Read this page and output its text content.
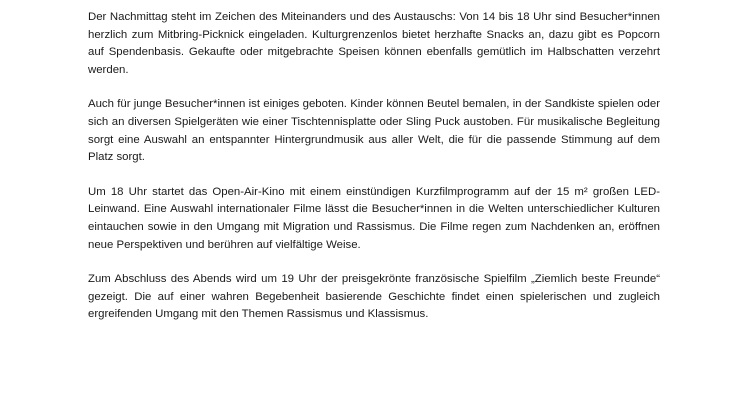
Der Nachmittag steht im Zeichen des Miteinanders und des Austauschs: Von 14 bis 18 Uhr sind Besucher*innen herzlich zum Mitbring-Picknick eingeladen. Kulturgrenzenlos bietet herzhafte Snacks an, dazu gibt es Popcorn auf Spendenbasis. Gekaufte oder mitgebrachte Speisen können ebenfalls gemütlich im Halbschatten verzehrt werden.

Auch für junge Besucher*innen ist einiges geboten. Kinder können Beutel bemalen, in der Sandkiste spielen oder sich an diversen Spielgeräten wie einer Tischtennisplatte oder Sling Puck austoben. Für musikalische Begleitung sorgt eine Auswahl an entspannter Hintergrundmusik aus aller Welt, die für die passende Stimmung auf dem Platz sorgt.

Um 18 Uhr startet das Open-Air-Kino mit einem einstündigen Kurzfilmprogramm auf der 15 m² großen LED-Leinwand. Eine Auswahl internationaler Filme lässt die Besucher*innen in die Welten unterschiedlicher Kulturen eintauchen sowie in den Umgang mit Migration und Rassismus. Die Filme regen zum Nachdenken an, eröffnen neue Perspektiven und berühren auf vielfältige Weise.

Zum Abschluss des Abends wird um 19 Uhr der preisgekrönte französische Spielfilm „Ziemlich beste Freunde“ gezeigt. Die auf einer wahren Begebenheit basierende Geschichte findet einen spielerischen und zugleich ergreifenden Umgang mit den Themen Rassismus und Klassismus.
